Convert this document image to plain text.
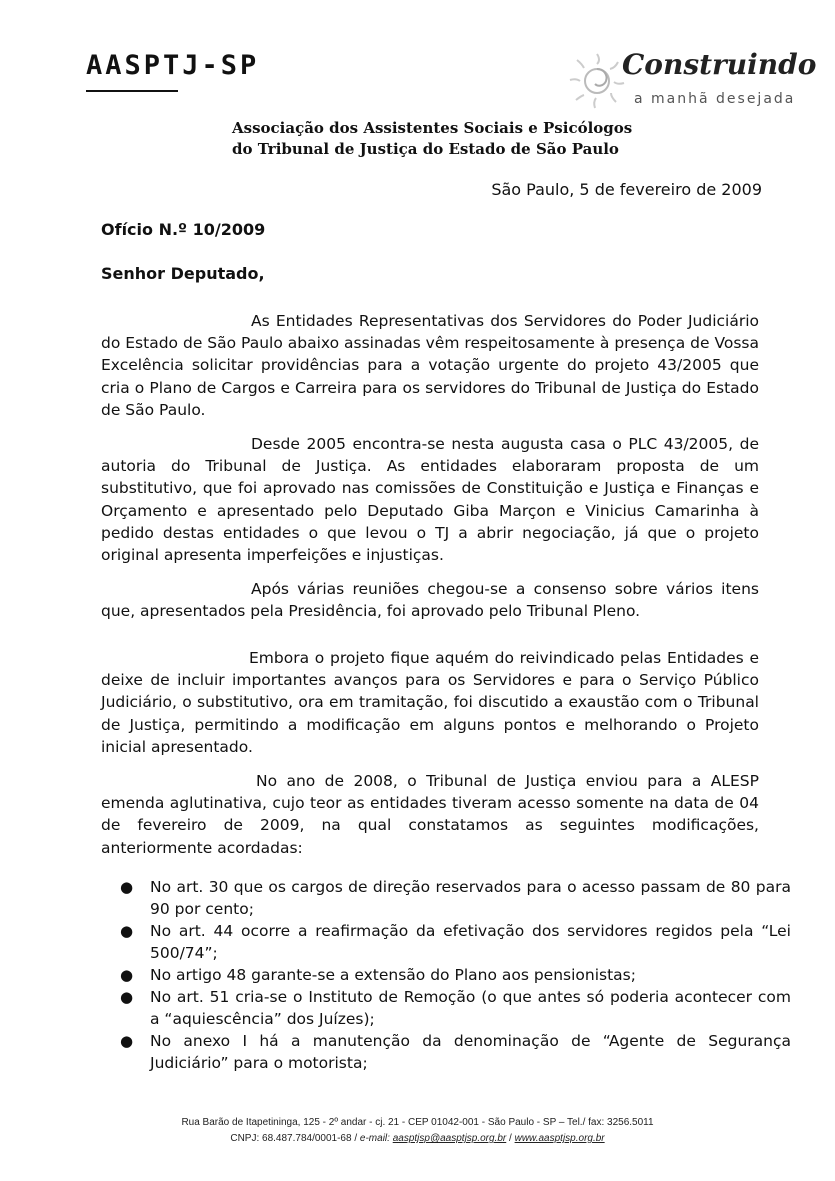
AASPTJ-SP	Construindo
a manhã desejada
Associação dos Assistentes Sociais e Psicólogos
do Tribunal de Justiça do Estado de São Paulo
São Paulo, 5 de fevereiro de 2009
Ofício N.º 10/2009
Senhor Deputado,

As Entidades Representativas dos Servidores do Poder Judiciário do Estado de São Paulo abaixo assinadas vêm respeitosamente à presença de Vossa Excelência solicitar providências para a votação urgente do projeto 43/2005 que cria o Plano de Cargos e Carreira para os servidores do Tribunal de Justiça do Estado de São Paulo.

Desde 2005 encontra-se nesta augusta casa o PLC 43/2005, de autoria do Tribunal de Justiça. As entidades elaboraram proposta de um substitutivo, que foi aprovado nas comissões de Constituição e Justiça e Finanças e Orçamento e apresentado pelo Deputado Giba Marçon e Vinicius Camarinha à pedido destas entidades o que levou o TJ a abrir negociação, já que o projeto original apresenta imperfeições e injustiças.

Após várias reuniões chegou-se a consenso sobre vários itens que, apresentados pela Presidência, foi aprovado pelo Tribunal Pleno.

Embora o projeto fique aquém do reivindicado pelas Entidades e deixe de incluir importantes avanços para os Servidores e para o Serviço Público Judiciário, o substitutivo, ora em tramitação, foi discutido a exaustão com o Tribunal de Justiça, permitindo a modificação em alguns pontos e melhorando o Projeto inicial apresentado.

No ano de 2008, o Tribunal de Justiça enviou para a ALESP emenda aglutinativa, cujo teor as entidades tiveram acesso somente na data de 04 de fevereiro de 2009, na qual constatamos as seguintes modificações, anteriormente acordadas:

● No art. 30 que os cargos de direção reservados para o acesso passam de 80 para 90 por cento;
● No art. 44 ocorre a reafirmação da efetivação dos servidores regidos pela “Lei 500/74”;
● No artigo 48 garante-se a extensão do Plano aos pensionistas;
● No art. 51 cria-se o Instituto de Remoção (o que antes só poderia acontecer com a “aquiescência” dos Juízes);
● No anexo I há a manutenção da denominação de “Agente de Segurança Judiciário” para o motorista;
Rua Barão de Itapetininga, 125 - 2º andar - cj. 21 - CEP 01042-001 - São Paulo - SP – Tel./ fax: 3256.5011
CNPJ: 68.487.784/0001-68 / e-mail: aasptjsp@aasptjsp.org.br / www.aasptjsp.org.br
